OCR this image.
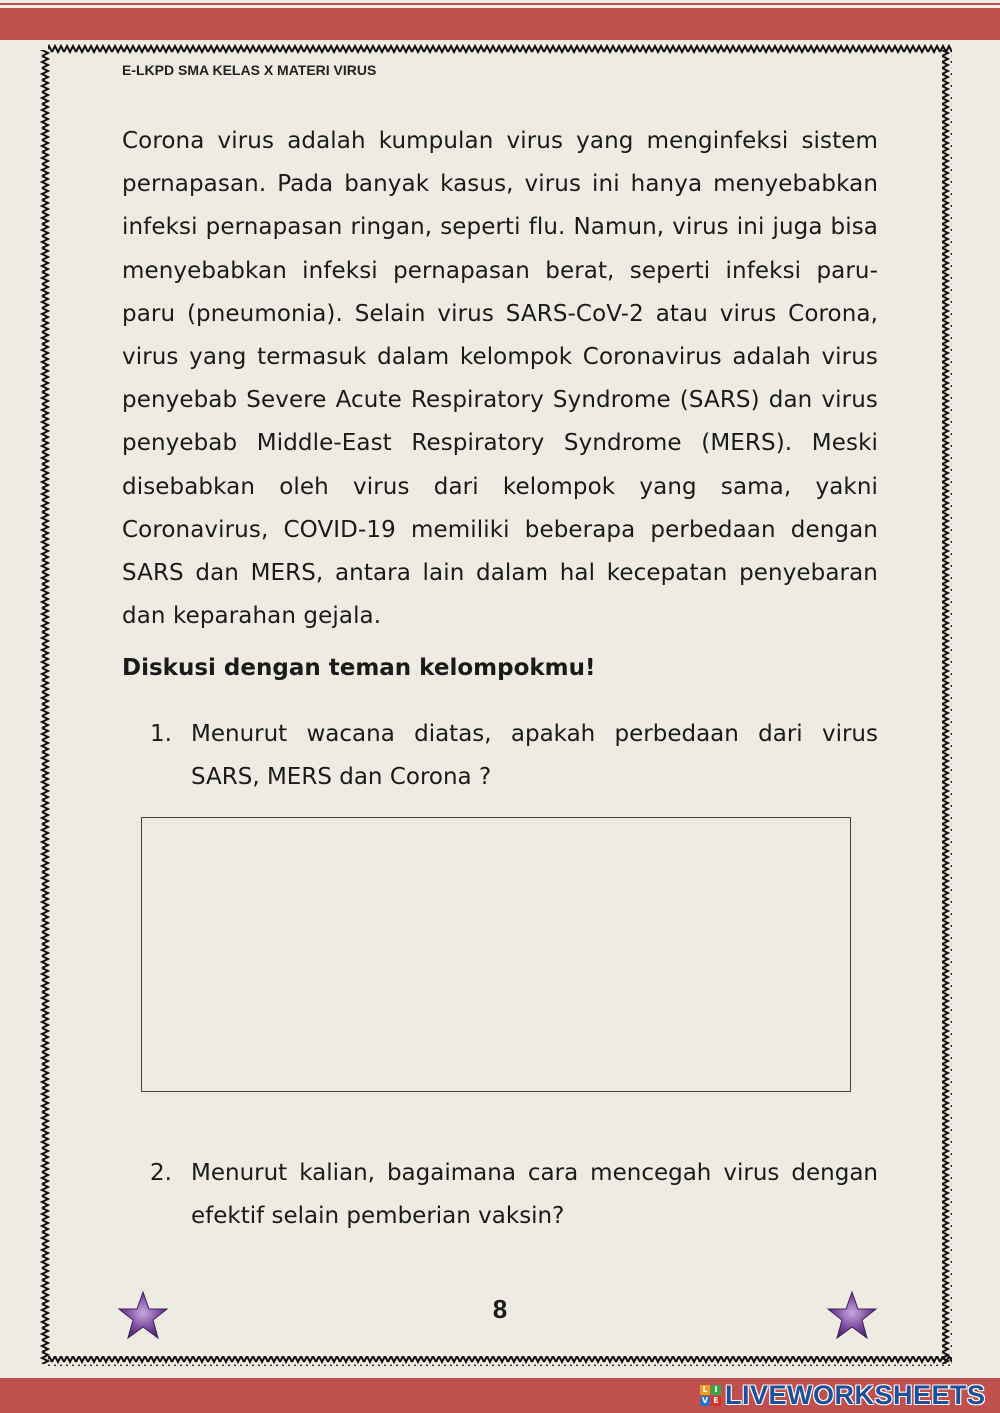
E-LKPD SMA KELAS X MATERI VIRUS
Corona virus adalah kumpulan virus yang menginfeksi sistem pernapasan. Pada banyak kasus, virus ini hanya menyebabkan infeksi pernapasan ringan, seperti flu. Namun, virus ini juga bisa menyebabkan infeksi pernapasan berat, seperti infeksi paru-paru (pneumonia). Selain virus SARS-CoV-2 atau virus Corona, virus yang termasuk dalam kelompok Coronavirus adalah virus penyebab Severe Acute Respiratory Syndrome (SARS) dan virus penyebab Middle-East Respiratory Syndrome (MERS). Meski disebabkan oleh virus dari kelompok yang sama, yakni Coronavirus, COVID-19 memiliki beberapa perbedaan dengan SARS dan MERS, antara lain dalam hal kecepatan penyebaran dan keparahan gejala.
Diskusi dengan teman kelompokmu!
1. Menurut wacana diatas, apakah perbedaan dari virus SARS, MERS dan Corona ?
2. Menurut kalian, bagaimana cara mencegah virus dengan efektif selain pemberian vaksin?
8
L I
V E LIVEWORKSHEETS
